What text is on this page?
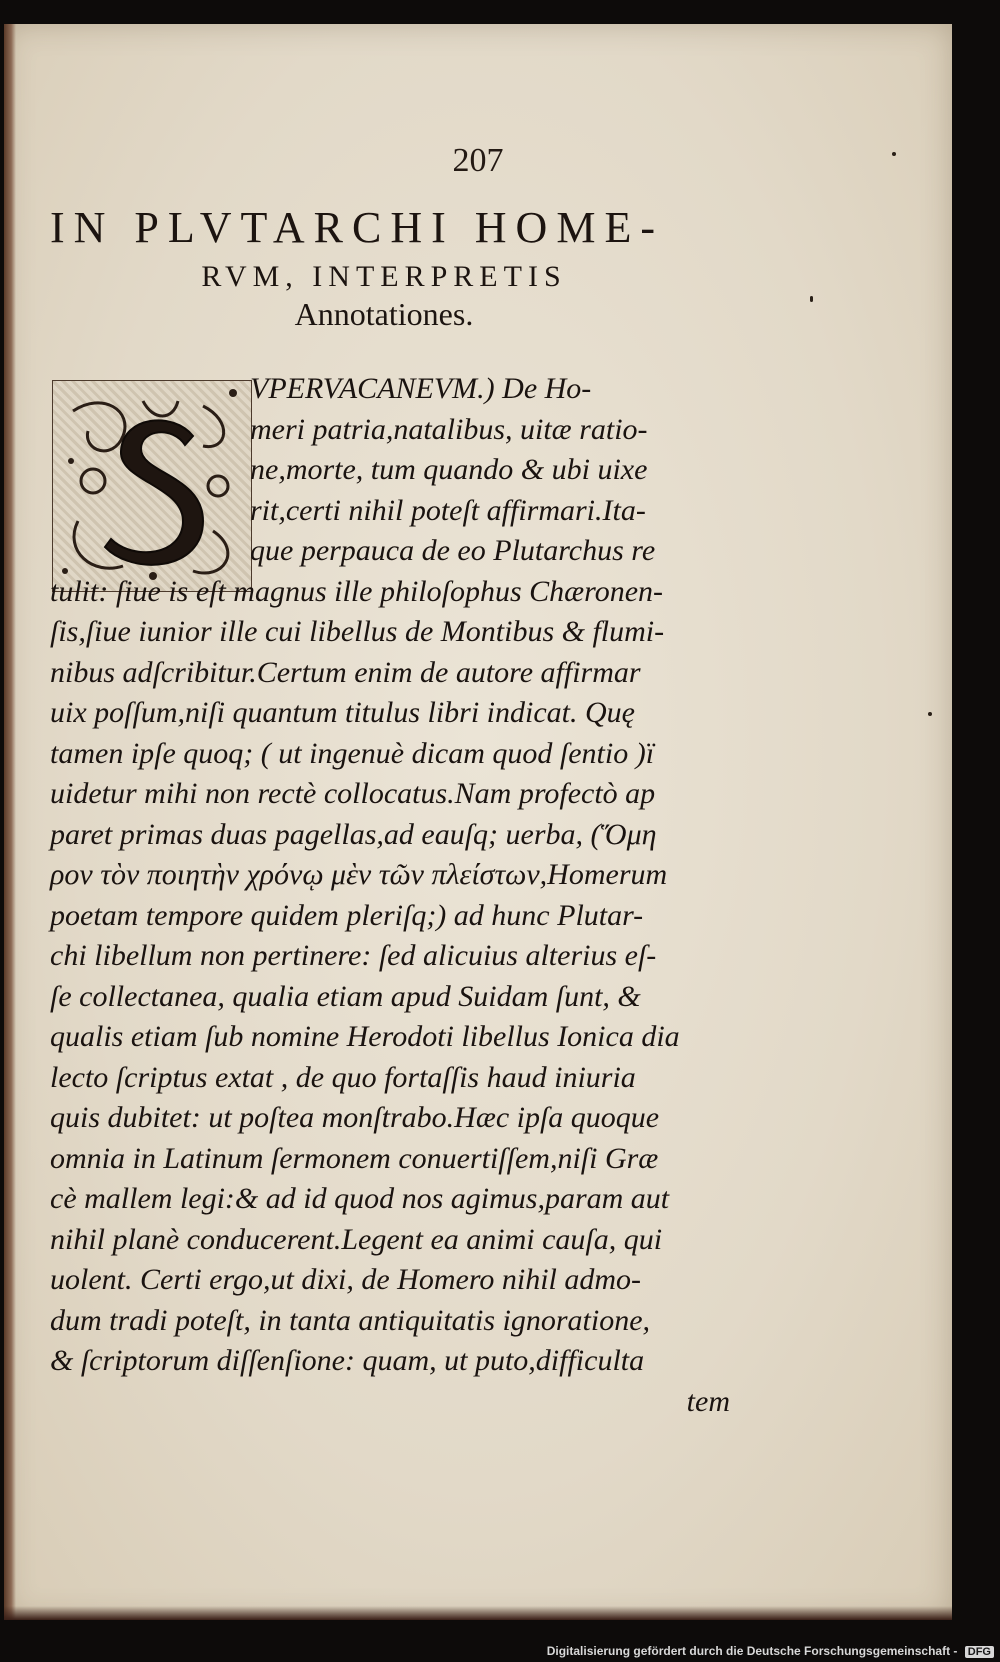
207
IN PLVTARCHI HOME-
RVM, INTERPRETIS
Annotationes.
VPERVACANEVM.) De Ho-
meri patria,natalibus, uitæ ratio-
ne,morte, tum quando & ubi uixe
rit,certi nihil poteſt affirmari.Ita-
que perpauca de eo Plutarchus re
tulit: ſiue is eſt magnus ille philoſophus Chæronen-
ſis,ſiue iunior ille cui libellus de Montibus & flumi-
nibus adſcribitur.Certum enim de autore affirmar
uix poſſum,niſi quantum titulus libri indicat. Quę
tamen ipſe quoq; ( ut ingenuè dicam quod ſentio )ï
uidetur mihi non rectè collocatus.Nam profectò ap
paret primas duas pagellas,ad eauſq; uerba, (Ὅμη
ρον τὸν ποιητὴν χρόνῳ μὲν τῶν πλείστων,Homerum
poetam tempore quidem pleriſq;) ad hunc Plutar-
chi libellum non pertinere: ſed alicuius alterius eſ-
ſe collectanea, qualia etiam apud Suidam ſunt, &
qualis etiam ſub nomine Herodoti libellus Ionica dia
lecto ſcriptus extat , de quo fortaſſis haud iniuria
quis dubitet: ut poſtea monſtrabo.Hæc ipſa quoque
omnia in Latinum ſermonem conuertiſſem,niſi Græ
cè mallem legi:& ad id quod nos agimus,param aut
nihil planè conducerent.Legent ea animi cauſa, qui
uolent. Certi ergo,ut dixi, de Homero nihil admo-
dum tradi poteſt, in tanta antiquitatis ignoratione,
& ſcriptorum diſſenſione: quam, ut puto,difficulta
tem
Digitalisierung gefördert durch die Deutsche Forschungsgemeinschaft - DFG
